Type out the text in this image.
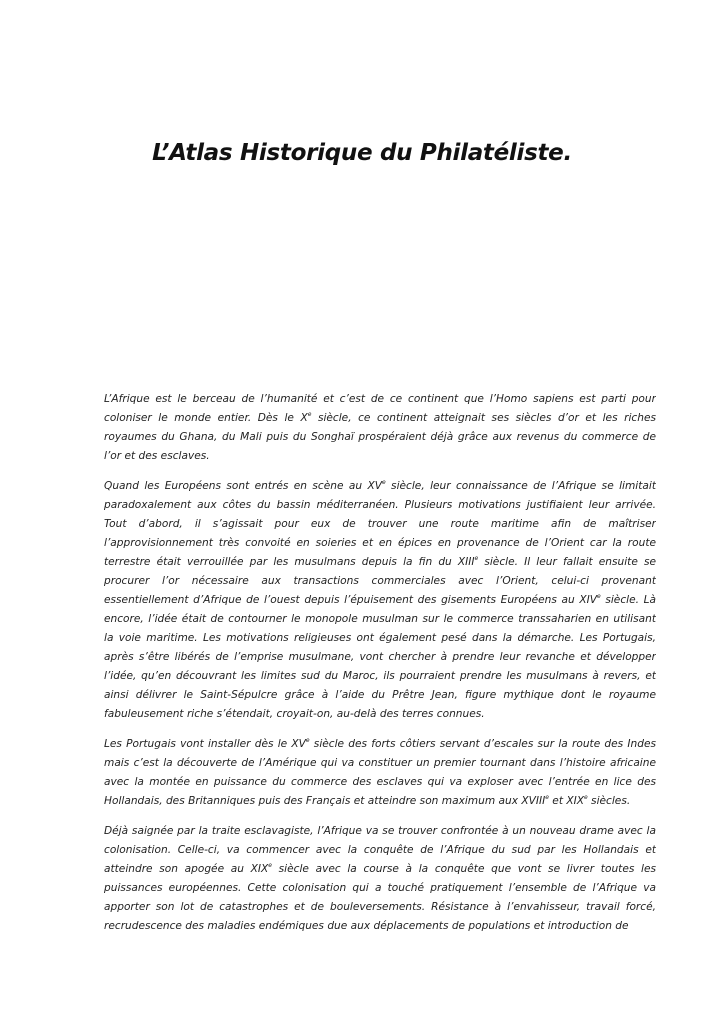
L’Atlas Historique du Philatéliste.

L’Afrique est le berceau de l’humanité et c’est de ce continent que l’Homo sapiens est parti pour
coloniser le monde entier. Dès le Xe siècle, ce continent atteignait ses siècles d’or et les riches
royaumes du Ghana, du Mali puis du Songhaï prospéraient déjà grâce aux revenus du commerce de
l’or et des esclaves.

Quand les Européens sont entrés en scène au XVe siècle, leur connaissance de l’Afrique se limitait
paradoxalement aux côtes du bassin méditerranéen. Plusieurs motivations justifiaient leur arrivée.
Tout d’abord, il s’agissait pour eux de trouver une route maritime afin de maîtriser
l’approvisionnement très convoité en soieries et en épices en provenance de l’Orient car la route
terrestre était verrouillée par les musulmans depuis la fin du XIIIe siècle. Il leur fallait ensuite se
procurer l’or nécessaire aux transactions commerciales avec l’Orient, celui-ci provenant
essentiellement d’Afrique de l’ouest depuis l’épuisement des gisements Européens au XIVe siècle. Là
encore, l’idée était de contourner le monopole musulman sur le commerce transsaharien en utilisant
la voie maritime. Les motivations religieuses ont également pesé dans la démarche. Les Portugais,
après s’être libérés de l’emprise musulmane, vont chercher à prendre leur revanche et développer
l’idée, qu’en découvrant les limites sud du Maroc, ils pourraient prendre les musulmans à revers, et
ainsi délivrer le Saint-Sépulcre grâce à l’aide du Prêtre Jean, figure mythique dont le royaume
fabuleusement riche s’étendait, croyait-on, au-delà des terres connues.

Les Portugais vont installer dès le XVe siècle des forts côtiers servant d’escales sur la route des Indes
mais c’est la découverte de l’Amérique qui va constituer un premier tournant dans l’histoire africaine
avec la montée en puissance du commerce des esclaves qui va exploser avec l’entrée en lice des
Hollandais, des Britanniques puis des Français et atteindre son maximum aux XVIIIe et XIXe siècles.

Déjà saignée par la traite esclavagiste, l’Afrique va se trouver confrontée à un nouveau drame avec la
colonisation. Celle-ci, va commencer avec la conquête de l’Afrique du sud par les Hollandais et
atteindre son apogée au XIXe siècle avec la course à la conquête que vont se livrer toutes les
puissances européennes. Cette colonisation qui a touché pratiquement l’ensemble de l’Afrique va
apporter son lot de catastrophes et de bouleversements. Résistance à l’envahisseur, travail forcé,
recrudescence des maladies endémiques due aux déplacements de populations et introduction de
